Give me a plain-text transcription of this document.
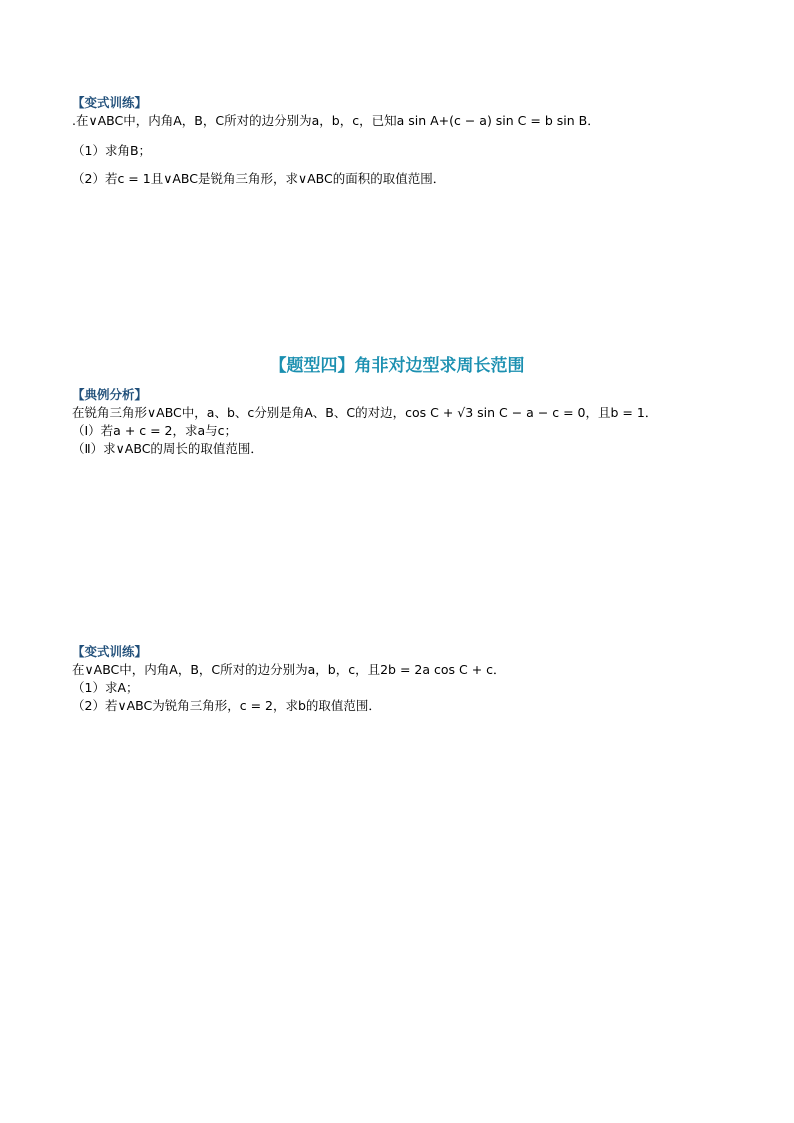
【变式训练】
.在∨ABC中，内角A，B，C所对的边分别为a，b，c，已知a sin A+(c − a) sin C = b sin B．
（1）求角B；
（2）若c = 1且∨ABC是锐角三角形，求∨ABC的面积的取值范围．
【题型四】角非对边型求周长范围
【典例分析】
在锐角三角形∨ABC中，a、b、c分别是角A、B、C的对边，cos C + √3 sin C − a − c = 0，且b = 1．
（Ⅰ）若a + c = 2，求a与c；
（Ⅱ）求∨ABC的周长的取值范围．
【变式训练】
在∨ABC中，内角A，B，C所对的边分别为a，b，c，且2b = 2a cos C + c．
（1）求A；
（2）若∨ABC为锐角三角形，c = 2，求b的取值范围．
